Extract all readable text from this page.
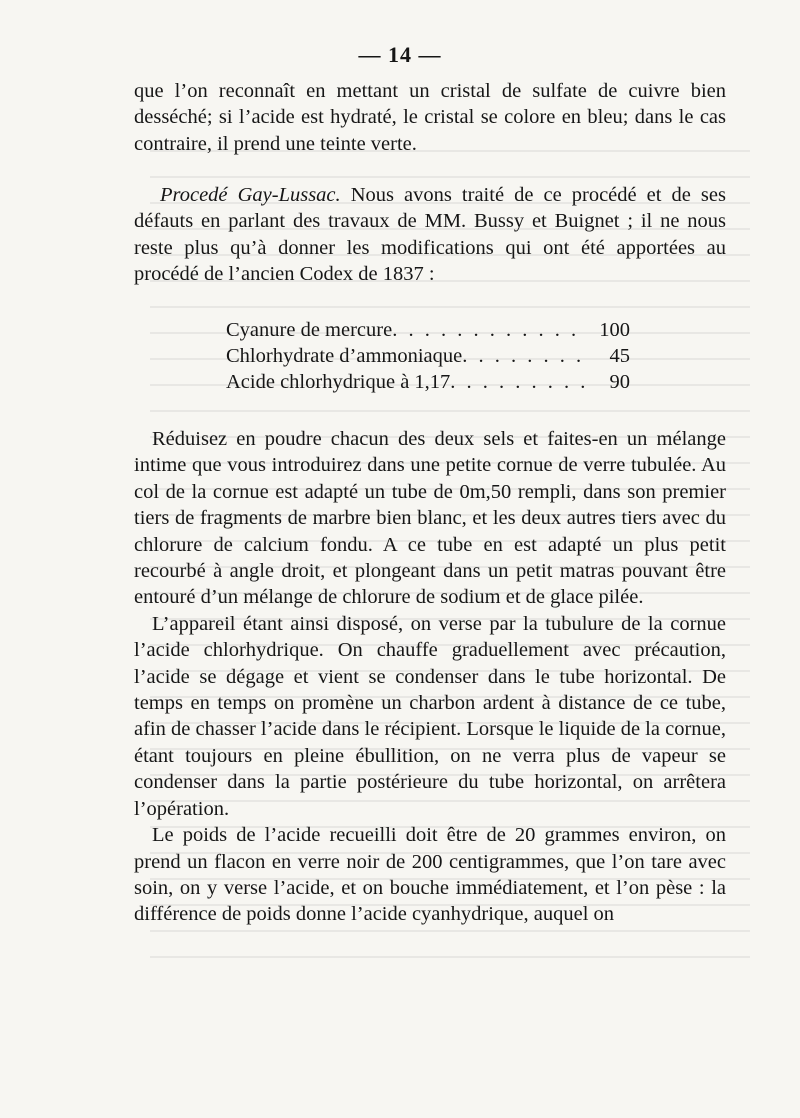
— 14 —
que l’on reconnaît en mettant un cristal de sulfate de cuivre bien desséché; si l’acide est hydraté, le cristal se colore en bleu; dans le cas contraire, il prend une teinte verte.
Procedé Gay-Lussac. Nous avons traité de ce procédé et de ses défauts en parlant des travaux de MM. Bussy et Buignet ; il ne nous reste plus qu’à donner les modifications qui ont été apportées au procédé de l’ancien Codex de 1837 :
Cyanure de mercure . . .	100
Chlorhydrate d’ammoniaque . . .	45
Acide chlorhydrique à 1,17 . . .	90

Réduisez en poudre chacun des deux sels et faites-en un mélange intime que vous introduirez dans une petite cornue de verre tubulée. Au col de la cornue est adapté un tube de 0m,50 rempli, dans son premier tiers de fragments de marbre bien blanc, et les deux autres tiers avec du chlorure de calcium fondu. A ce tube en est adapté un plus petit recourbé à angle droit, et plongeant dans un petit matras pouvant être entouré d’un mélange de chlorure de sodium et de glace pilée.

L’appareil étant ainsi disposé, on verse par la tubulure de la cornue l’acide chlorhydrique. On chauffe graduellement avec précaution, l’acide se dégage et vient se condenser dans le tube horizontal. De temps en temps on promène un charbon ardent à distance de ce tube, afin de chasser l’acide dans le récipient. Lorsque le liquide de la cornue, étant toujours en pleine ébullition, on ne verra plus de vapeur se condenser dans la partie postérieure du tube horizontal, on arrêtera l’opération.

Le poids de l’acide recueilli doit être de 20 grammes environ, on prend un flacon en verre noir de 200 centigrammes, que l’on tare avec soin, on y verse l’acide, et on bouche immédiatement, et l’on pèse : la différence de poids donne l’acide cyanhydrique, auquel on
